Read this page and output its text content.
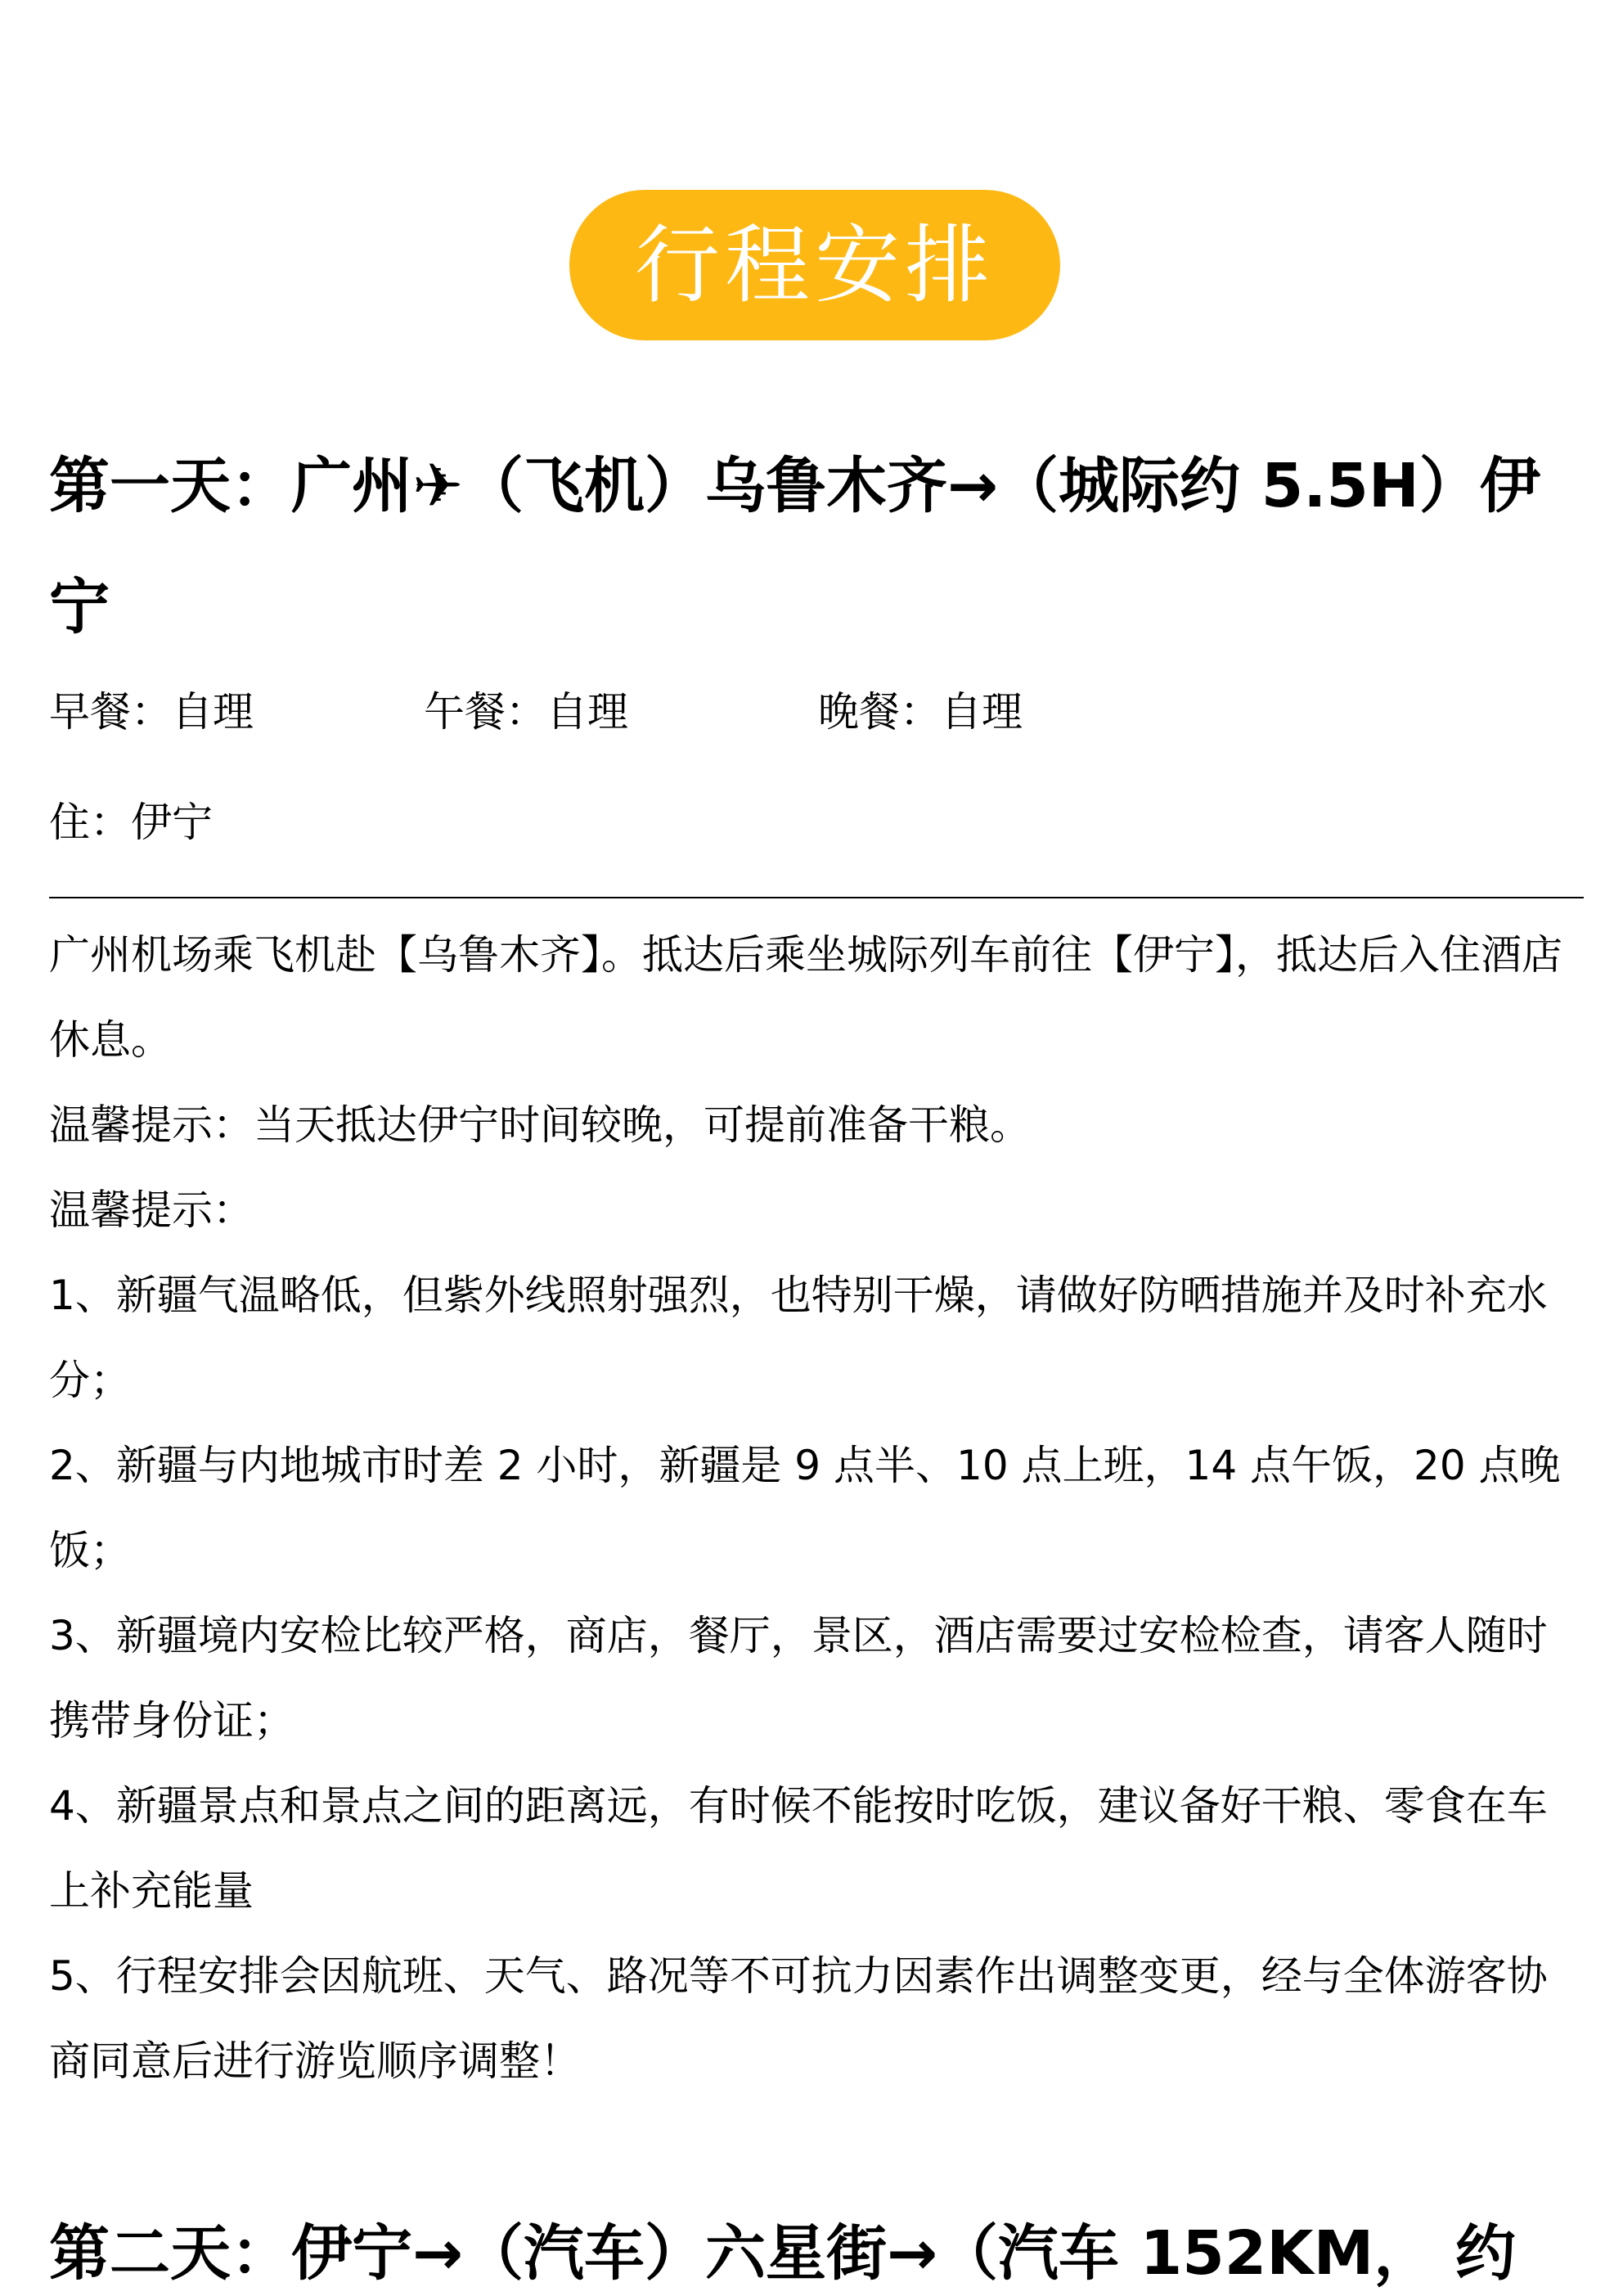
行程安排
第一天：广州✈（飞机）乌鲁木齐→（城际约 5.5H）伊宁
早餐：自理	午餐：自理	晚餐：自理
住：伊宁

广州机场乘飞机赴【乌鲁木齐】。抵达后乘坐城际列车前往【伊宁】，抵达后入住酒店休息。

温馨提示：当天抵达伊宁时间较晚，可提前准备干粮。

温馨提示：

1、新疆气温略低，但紫外线照射强烈，也特别干燥，请做好防晒措施并及时补充水分；

2、新疆与内地城市时差 2 小时，新疆是 9 点半、10 点上班，14 点午饭，20 点晚饭；

3、新疆境内安检比较严格，商店，餐厅，景区，酒店需要过安检检查，请客人随时携带身份证；

4、新疆景点和景点之间的距离远，有时候不能按时吃饭，建议备好干粮、零食在车上补充能量

5、行程安排会因航班、天气、路况等不可抗力因素作出调整变更，经与全体游客协商同意后进行游览顺序调整！

第二天：伊宁→（汽车）六星街→（汽车 152KM， 约
